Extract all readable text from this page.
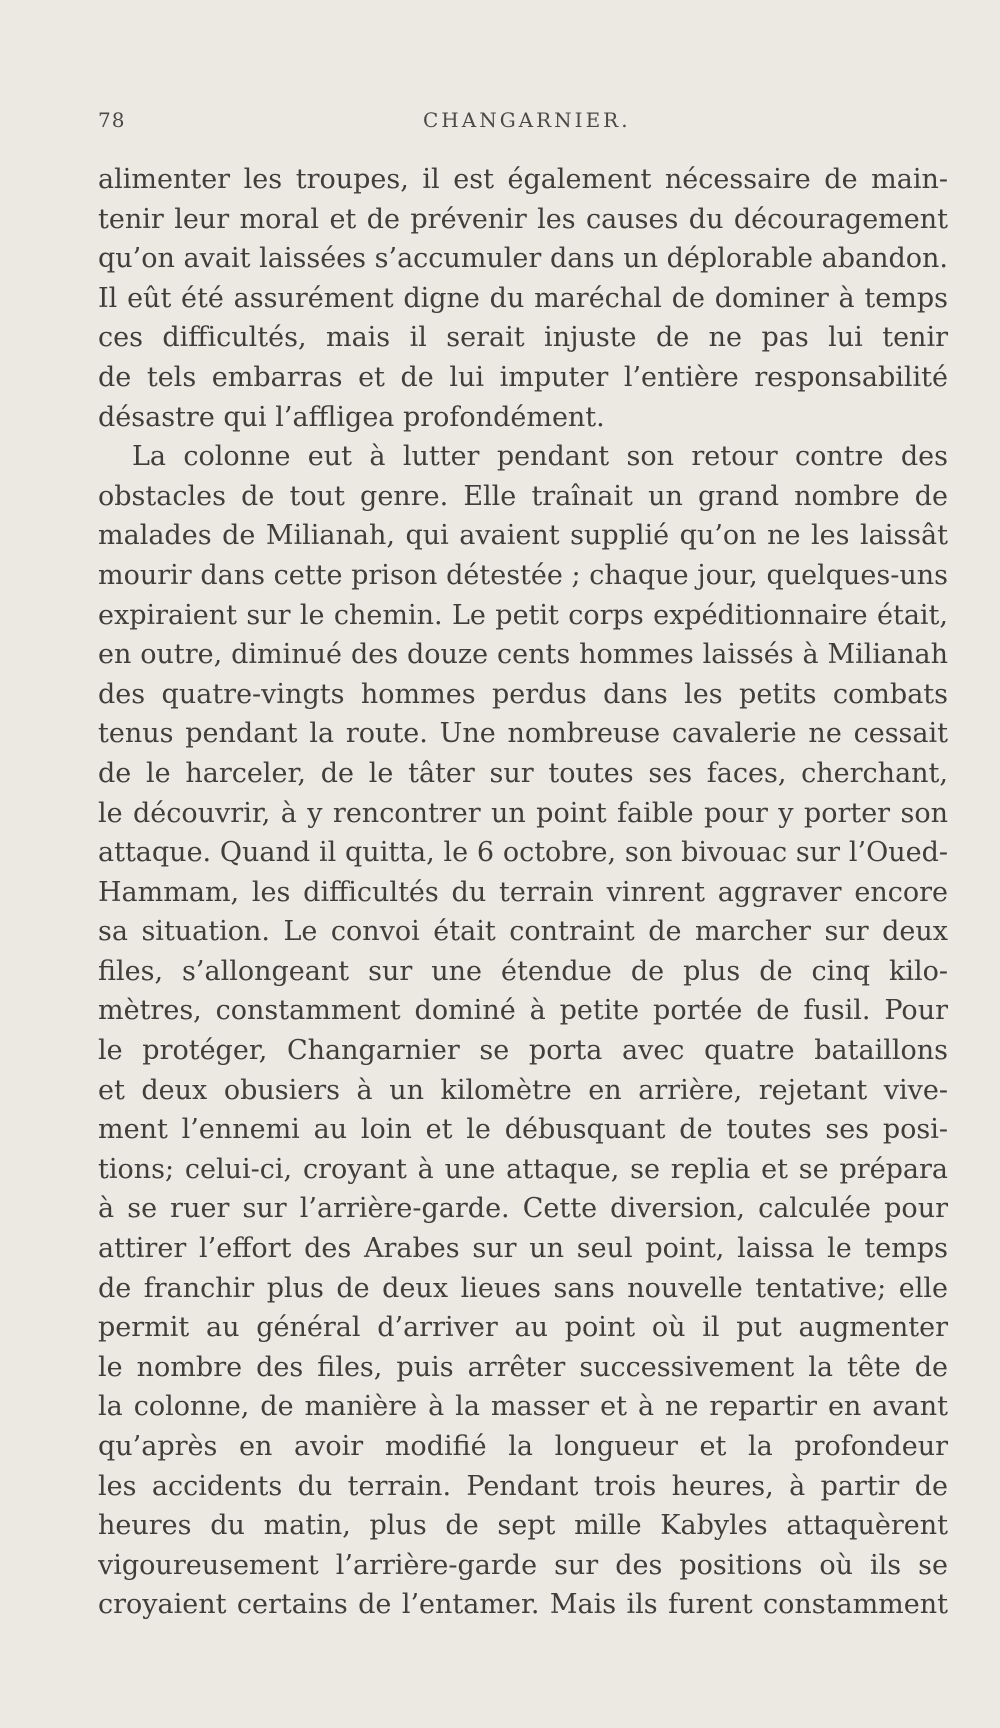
78	CHANGARNIER.
alimenter les troupes, il est également nécessaire de main-
tenir leur moral et de prévenir les causes du découragement
qu’on avait laissées s’accumuler dans un déplorable abandon.
Il eût été assurément digne du maréchal de dominer à temps
ces difficultés, mais il serait injuste de ne pas lui tenir
de tels embarras et de lui imputer l’entière responsabilité
désastre qui l’affligea profondément.
La colonne eut à lutter pendant son retour contre des
obstacles de tout genre. Elle traînait un grand nombre de
malades de Milianah, qui avaient supplié qu’on ne les laissât
mourir dans cette prison détestée ; chaque jour, quelques-uns
expiraient sur le chemin. Le petit corps expéditionnaire était,
en outre, diminué des douze cents hommes laissés à Milianah
des quatre-vingts hommes perdus dans les petits combats
tenus pendant la route. Une nombreuse cavalerie ne cessait
de le harceler, de le tâter sur toutes ses faces, cherchant,
le découvrir, à y rencontrer un point faible pour y porter son
attaque. Quand il quitta, le 6 octobre, son bivouac sur l’Oued-
Hammam, les difficultés du terrain vinrent aggraver encore
sa situation. Le convoi était contraint de marcher sur deux
files, s’allongeant sur une étendue de plus de cinq kilo-
mètres, constamment dominé à petite portée de fusil. Pour
le protéger, Changarnier se porta avec quatre bataillons
et deux obusiers à un kilomètre en arrière, rejetant vive-
ment l’ennemi au loin et le débusquant de toutes ses posi-
tions; celui-ci, croyant à une attaque, se replia et se prépara
à se ruer sur l’arrière-garde. Cette diversion, calculée pour
attirer l’effort des Arabes sur un seul point, laissa le temps
de franchir plus de deux lieues sans nouvelle tentative; elle
permit au général d’arriver au point où il put augmenter
le nombre des files, puis arrêter successivement la tête de
la colonne, de manière à la masser et à ne repartir en avant
qu’après en avoir modifié la longueur et la profondeur
les accidents du terrain. Pendant trois heures, à partir de
heures du matin, plus de sept mille Kabyles attaquèrent
vigoureusement l’arrière-garde sur des positions où ils se
croyaient certains de l’entamer. Mais ils furent constamment
